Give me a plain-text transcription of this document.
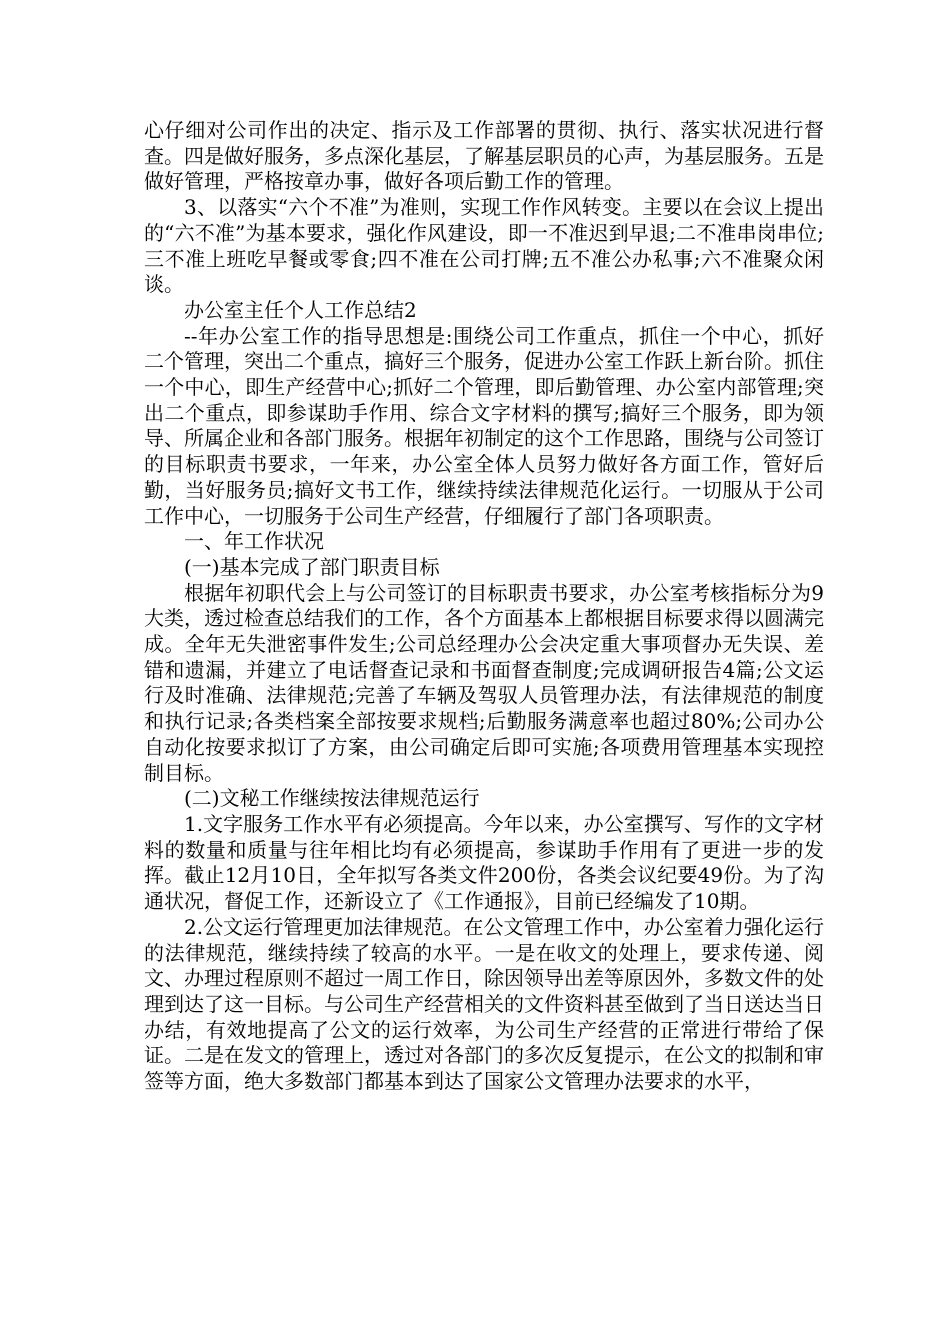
心仔细对公司作出的决定、指示及工作部署的贯彻、执行、落实状况进行督查。四是做好服务，多点深化基层，了解基层职员的心声，为基层服务。五是做好管理，严格按章办事，做好各项后勤工作的管理。

3、以落实“六个不准”为准则，实现工作作风转变。主要以在会议上提出的“六不准”为基本要求，强化作风建设，即一不准迟到早退;二不准串岗串位;三不准上班吃早餐或零食;四不准在公司打牌;五不准公办私事;六不准聚众闲谈。

办公室主任个人工作总结2

--年办公室工作的指导思想是:围绕公司工作重点，抓住一个中心，抓好二个管理，突出二个重点，搞好三个服务，促进办公室工作跃上新台阶。抓住一个中心，即生产经营中心;抓好二个管理，即后勤管理、办公室内部管理;突出二个重点，即参谋助手作用、综合文字材料的撰写;搞好三个服务，即为领导、所属企业和各部门服务。根据年初制定的这个工作思路，围绕与公司签订的目标职责书要求，一年来，办公室全体人员努力做好各方面工作，管好后勤，当好服务员;搞好文书工作，继续持续法律规范化运行。一切服从于公司工作中心，一切服务于公司生产经营，仔细履行了部门各项职责。

一、年工作状况

(一)基本完成了部门职责目标

根据年初职代会上与公司签订的目标职责书要求，办公室考核指标分为9大类，透过检查总结我们的工作，各个方面基本上都根据目标要求得以圆满完成。全年无失泄密事件发生;公司总经理办公会决定重大事项督办无失误、差错和遗漏，并建立了电话督查记录和书面督查制度;完成调研报告4篇;公文运行及时准确、法律规范;完善了车辆及驾驭人员管理办法，有法律规范的制度和执行记录;各类档案全部按要求规档;后勤服务满意率也超过80%;公司办公自动化按要求拟订了方案，由公司确定后即可实施;各项费用管理基本实现控制目标。

(二)文秘工作继续按法律规范运行

1.文字服务工作水平有必须提高。今年以来，办公室撰写、写作的文字材料的数量和质量与往年相比均有必须提高，参谋助手作用有了更进一步的发挥。截止12月10日，全年拟写各类文件200份，各类会议纪要49份。为了沟通状况，督促工作，还新设立了《工作通报》，目前已经编发了10期。

2.公文运行管理更加法律规范。在公文管理工作中，办公室着力强化运行的法律规范，继续持续了较高的水平。一是在收文的处理上，要求传递、阅文、办理过程原则不超过一周工作日，除因领导出差等原因外，多数文件的处理到达了这一目标。与公司生产经营相关的文件资料甚至做到了当日送达当日办结，有效地提高了公文的运行效率，为公司生产经营的正常进行带给了保证。二是在发文的管理上，透过对各部门的多次反复提示，在公文的拟制和审签等方面，绝大多数部门都基本到达了国家公文管理办法要求的水平，
